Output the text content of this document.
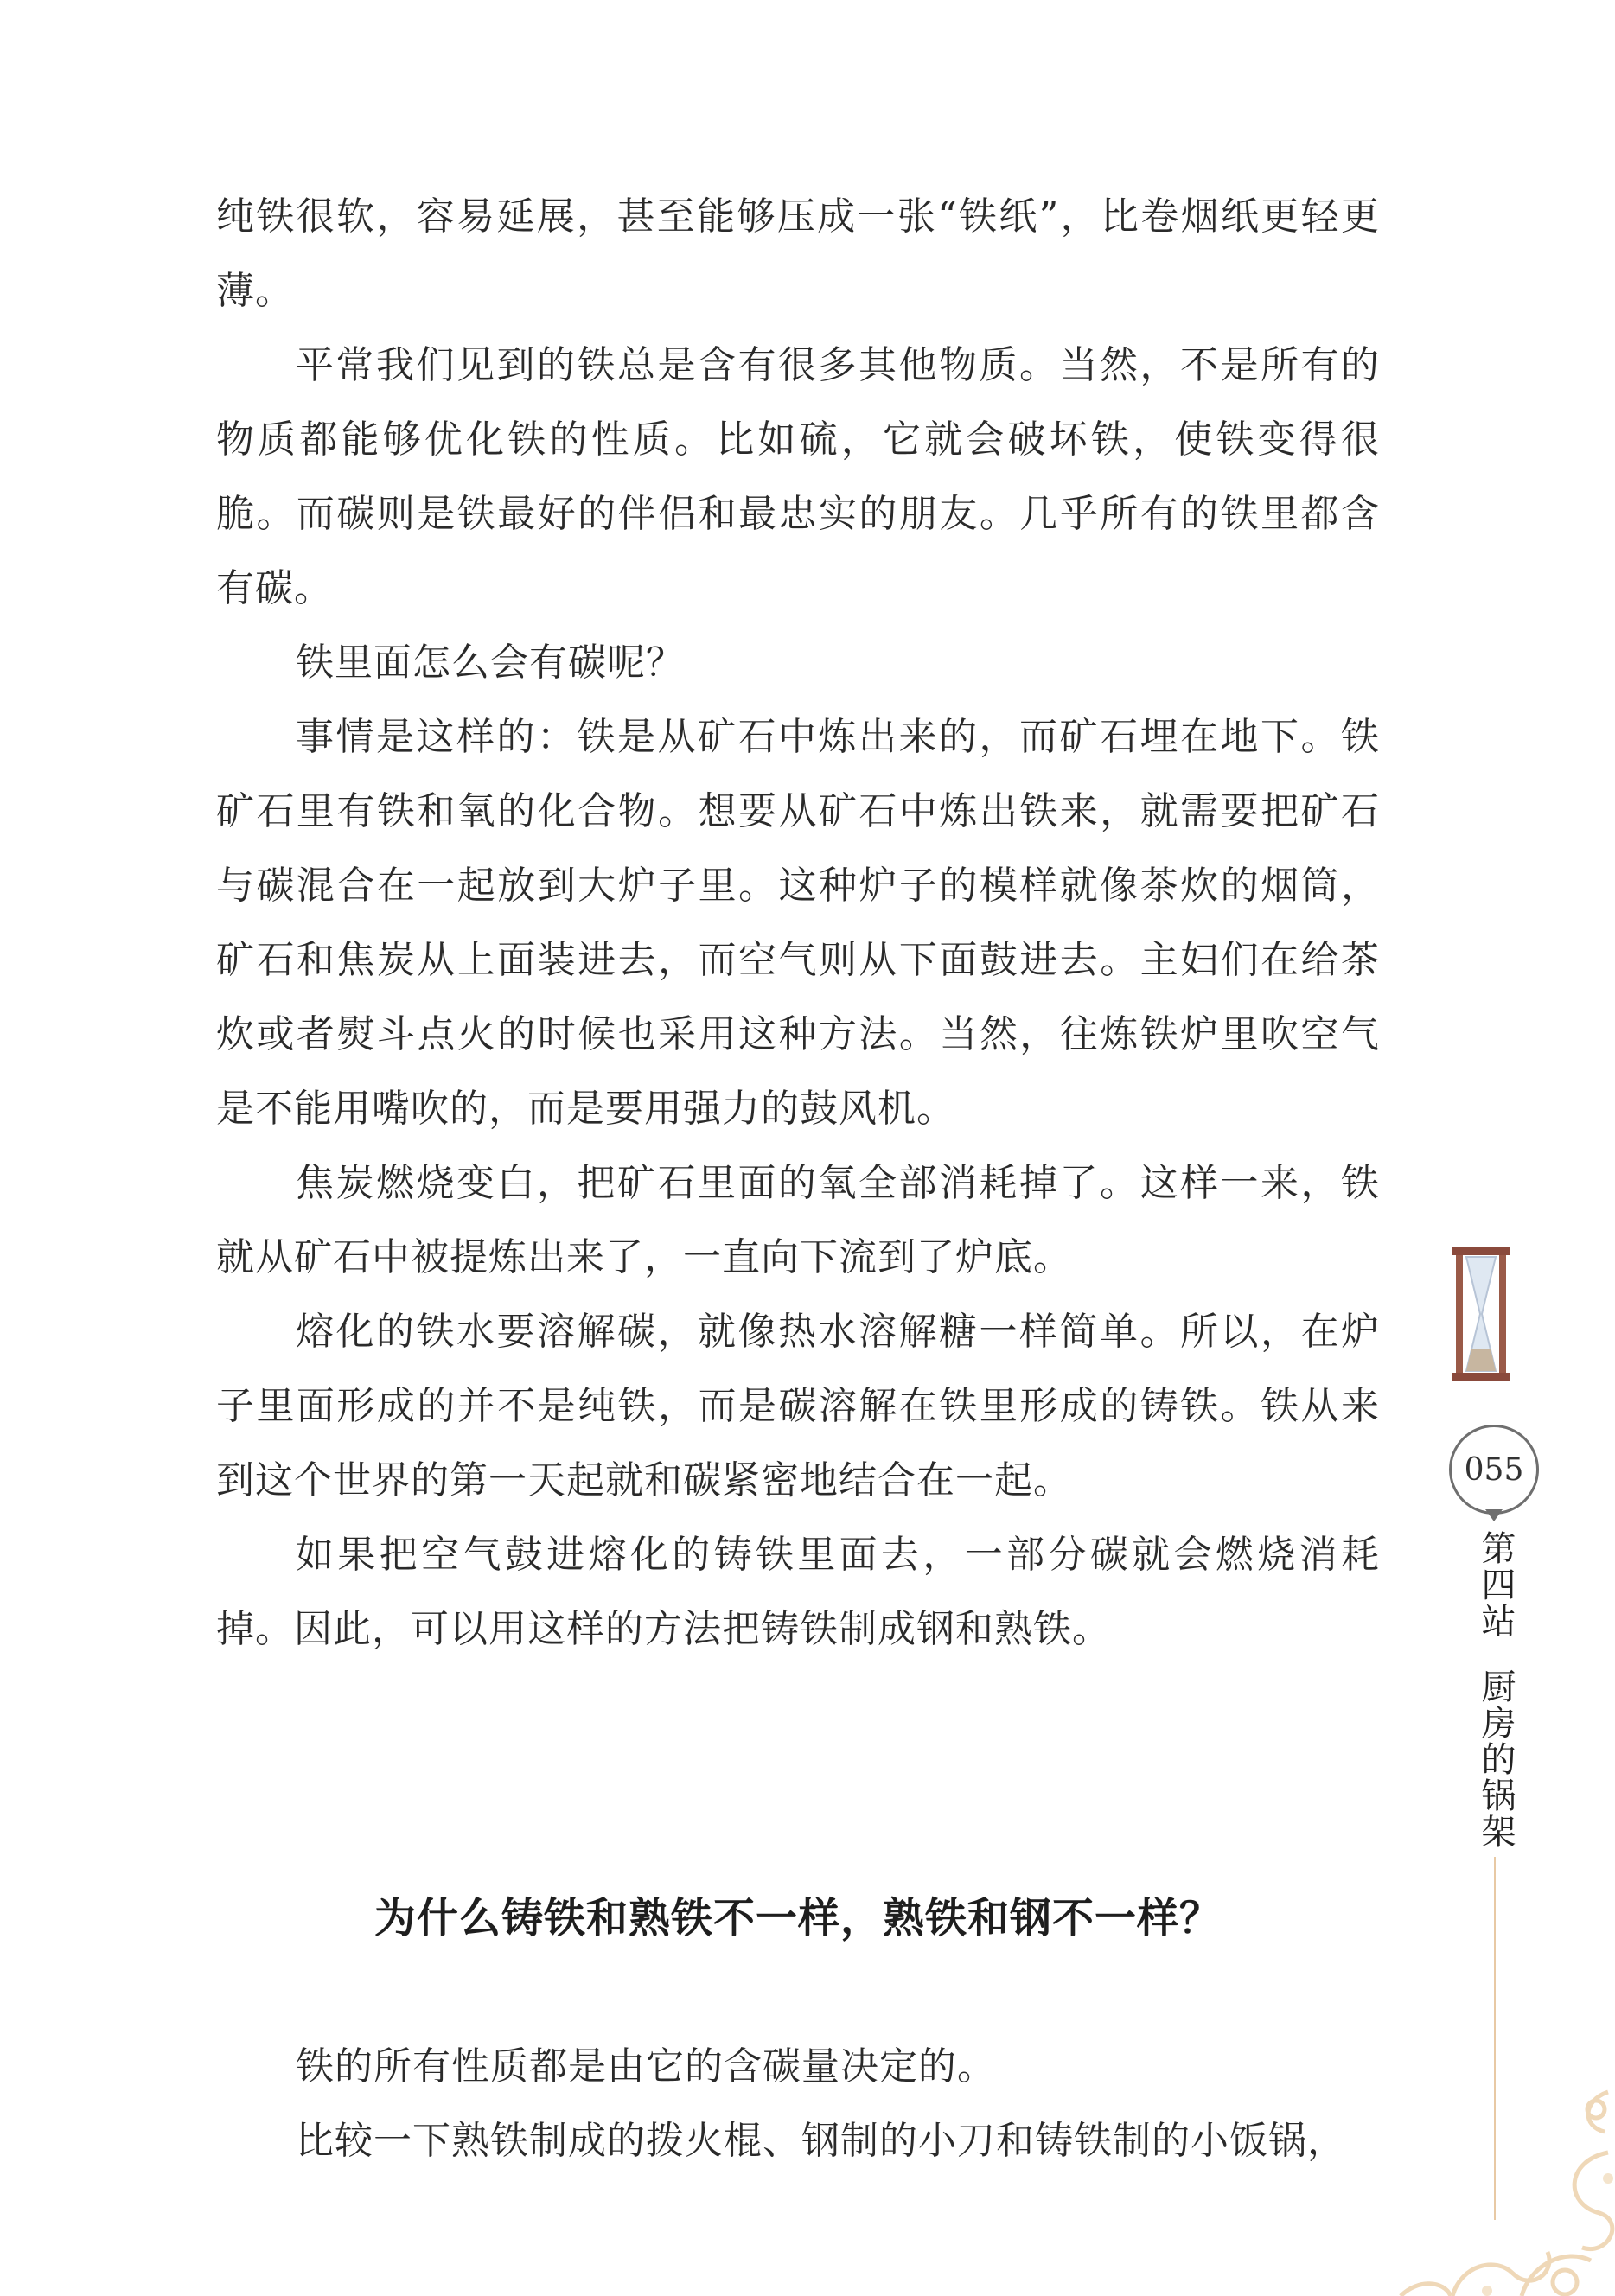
纯铁很软，容易延展，甚至能够压成一张“铁纸”，比卷烟纸更轻更薄。

平常我们见到的铁总是含有很多其他物质。当然，不是所有的物质都能够优化铁的性质。比如硫，它就会破坏铁，使铁变得很脆。而碳则是铁最好的伴侣和最忠实的朋友。几乎所有的铁里都含有碳。

铁里面怎么会有碳呢？

事情是这样的：铁是从矿石中炼出来的，而矿石埋在地下。铁矿石里有铁和氧的化合物。想要从矿石中炼出铁来，就需要把矿石与碳混合在一起放到大炉子里。这种炉子的模样就像茶炊的烟筒，矿石和焦炭从上面装进去，而空气则从下面鼓进去。主妇们在给茶炊或者熨斗点火的时候也采用这种方法。当然，往炼铁炉里吹空气是不能用嘴吹的，而是要用强力的鼓风机。

焦炭燃烧变白，把矿石里面的氧全部消耗掉了。这样一来，铁就从矿石中被提炼出来了，一直向下流到了炉底。

熔化的铁水要溶解碳，就像热水溶解糖一样简单。所以，在炉子里面形成的并不是纯铁，而是碳溶解在铁里形成的铸铁。铁从来到这个世界的第一天起就和碳紧密地结合在一起。

如果把空气鼓进熔化的铸铁里面去，一部分碳就会燃烧消耗掉。因此，可以用这样的方法把铸铁制成钢和熟铁。

为什么铸铁和熟铁不一样，熟铁和钢不一样？

铁的所有性质都是由它的含碳量决定的。

比较一下熟铁制成的拨火棍、钢制的小刀和铸铁制的小饭锅，

055
第四站
厨房的锅架
